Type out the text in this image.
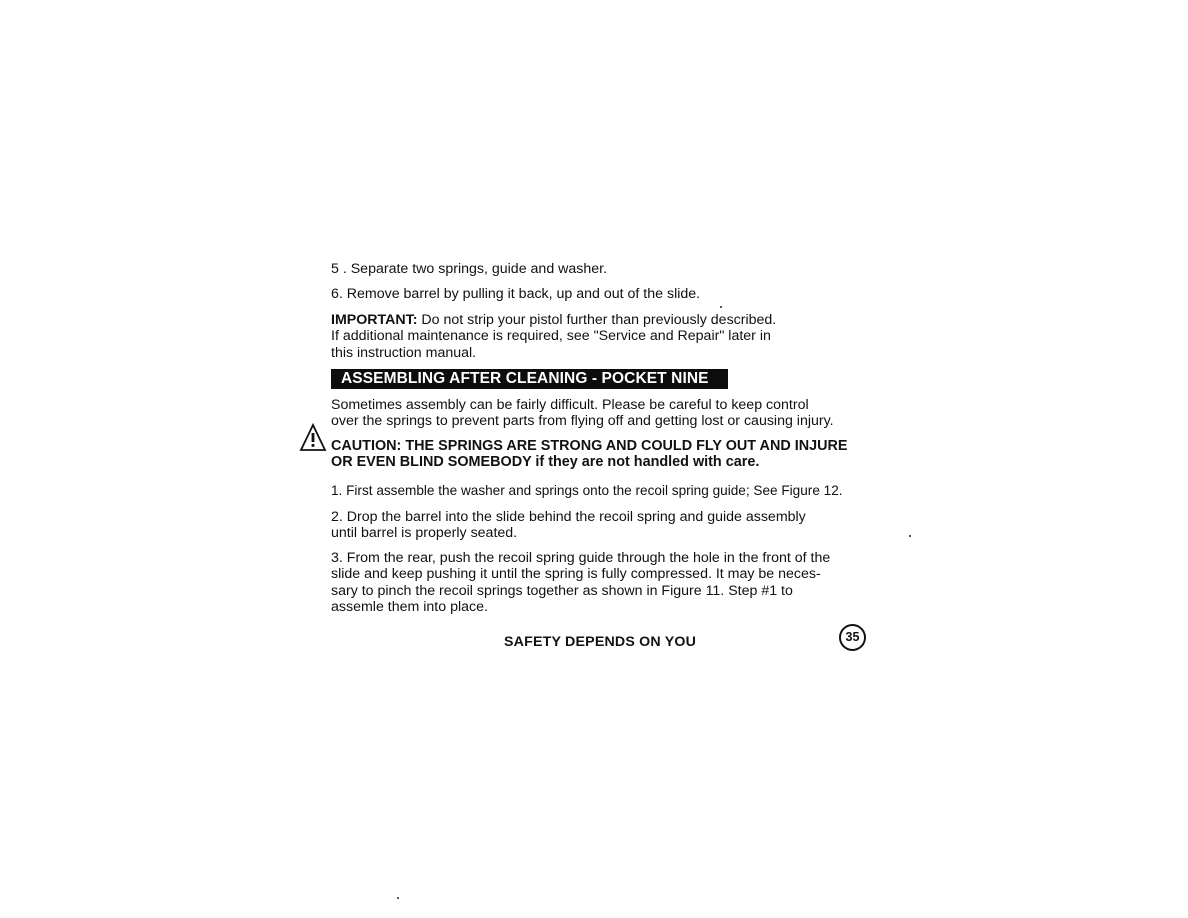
5 . Separate two springs, guide and washer.

6. Remove barrel by pulling it back, up and out of the slide.

IMPORTANT: Do not strip your pistol further than previously described.
If additional maintenance is required, see "Service and Repair" later in
this instruction manual.

ASSEMBLING AFTER CLEANING - POCKET NINE

Sometimes assembly can be fairly difficult. Please be careful to keep control
over the springs to prevent parts from flying off and getting lost or causing injury.

CAUTION: THE SPRINGS ARE STRONG AND COULD FLY OUT AND INJURE
OR EVEN BLIND SOMEBODY if they are not handled with care.

1. First assemble the washer and springs onto the recoil spring guide; See Figure 12.

2. Drop the barrel into the slide behind the recoil spring and guide assembly
until barrel is properly seated.

3. From the rear, push the recoil spring guide through the hole in the front of the
slide and keep pushing it until the spring is fully compressed. It may be neces-
sary to pinch the recoil springs together as shown in Figure 11. Step #1 to
assemle them into place.

SAFETY DEPENDS ON YOU	35
